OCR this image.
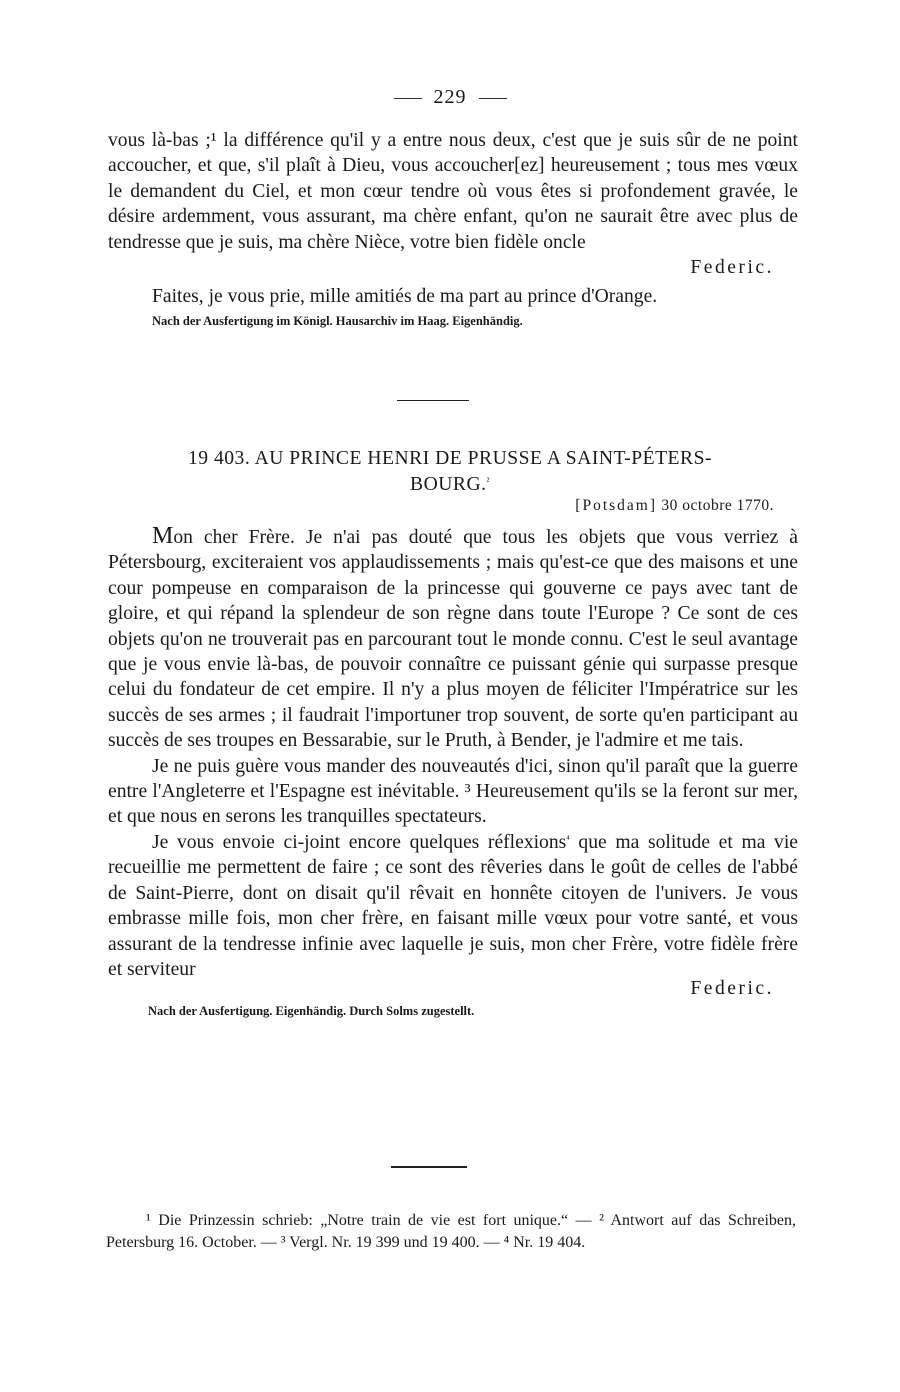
229

vous là-bas ;¹ la différence qu'il y a entre nous deux, c'est que je suis sûr de ne point accoucher, et que, s'il plaît à Dieu, vous accoucher[ez] heureusement ; tous mes vœux le demandent du Ciel, et mon cœur tendre où vous êtes si profondement gravée, le désire ardemment, vous assurant, ma chère enfant, qu'on ne saurait être avec plus de tendresse que je suis, ma chère Nièce, votre bien fidèle oncle

Federic.

Faites, je vous prie, mille amitiés de ma part au prince d'Orange.

Nach der Ausfertigung im Königl. Hausarchiv im Haag. Eigenhändig.

19 403. AU PRINCE HENRI DE PRUSSE A SAINT-PÉTERS-
BOURG.$^{^2}$
[Potsdam] 30 octobre 1770.

Mon cher Frère. Je n'ai pas douté que tous les objets que vous verriez à Pétersbourg, exciteraient vos applaudissements ; mais qu'est-ce que des maisons et une cour pompeuse en comparaison de la princesse qui gouverne ce pays avec tant de gloire, et qui répand la splendeur de son règne dans toute l'Europe ? Ce sont de ces objets qu'on ne trouverait pas en parcourant tout le monde connu. C'est le seul avantage que je vous envie là-bas, de pouvoir connaître ce puissant génie qui surpasse presque celui du fondateur de cet empire. Il n'y a plus moyen de féliciter l'Impératrice sur les succès de ses armes ; il faudrait l'importuner trop souvent, de sorte qu'en participant au succès de ses troupes en Bessarabie, sur le Pruth, à Bender, je l'admire et me tais.

Je ne puis guère vous mander des nouveautés d'ici, sinon qu'il paraît que la guerre entre l'Angleterre et l'Espagne est inévitable. ³ Heureusement qu'ils se la feront sur mer, et que nous en serons les tranquilles spectateurs.

Je vous envoie ci-joint encore quelques réflexions$^{^4}$ que ma solitude et ma vie recueillie me permettent de faire ; ce sont des rêveries dans le goût de celles de l'abbé de Saint-Pierre, dont on disait qu'il rêvait en honnête citoyen de l'univers. Je vous embrasse mille fois, mon cher frère, en faisant mille vœux pour votre santé, et vous assurant de la tendresse infinie avec laquelle je suis, mon cher Frère, votre fidèle frère et serviteur

Federic.

Nach der Ausfertigung. Eigenhändig. Durch Solms zugestellt.

¹ Die Prinzessin schrieb: „Notre train de vie est fort unique.“ — ² Antwort auf das Schreiben, Petersburg 16. October. — ³ Vergl. Nr. 19 399 und 19 400. — ⁴ Nr. 19 404.
